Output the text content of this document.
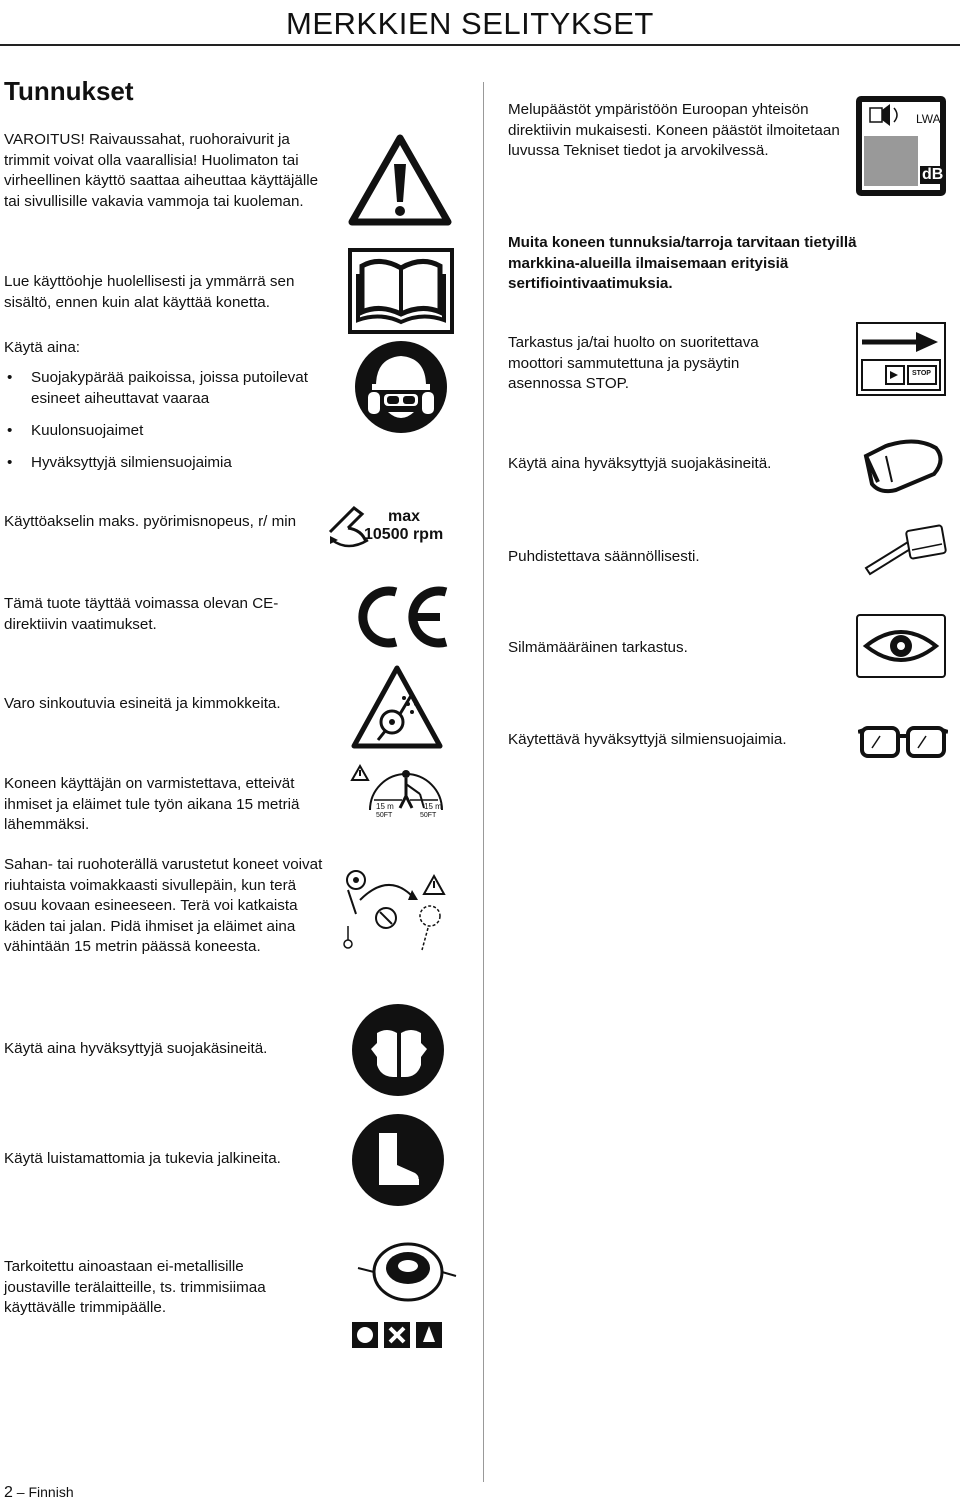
MERKKIEN SELITYKSET
Tunnukset
VAROITUS! Raivaussahat, ruohoraivurit ja trimmit voivat olla vaarallisia! Huolimaton tai virheellinen käyttö saattaa aiheuttaa käyttäjälle tai sivullisille vakavia vammoja tai kuoleman.
Lue käyttöohje huolellisesti ja ymmärrä sen sisältö, ennen kuin alat käyttää konetta.
Käytä aina:
• Suojakypärää paikoissa, joissa putoilevat esineet aiheuttavat vaaraa
• Kuulonsuojaimet
• Hyväksyttyjä silmiensuojaimia
Käyttöakselin maks. pyörimisnopeus, r/ min
Tämä tuote täyttää voimassa olevan CE-direktiivin vaatimukset.
Varo sinkoutuvia esineitä ja kimmokkeita.
Koneen käyttäjän on varmistettava, etteivät ihmiset ja eläimet tule työn aikana 15 metriä lähemmäksi.
Sahan- tai ruohoterällä varustetut koneet voivat riuhtaista voimakkaasti sivullepäin, kun terä osuu kovaan esineeseen. Terä voi katkaista käden tai jalan. Pidä ihmiset ja eläimet aina vähintään 15 metrin päässä koneesta.
Käytä aina hyväksyttyjä suojakäsineitä.
Käytä luistamattomia ja tukevia jalkineita.
Tarkoitettu ainoastaan ei-metallisille joustaville terälaitteille, ts. trimmisiimaa käyttävälle trimmipäälle.
Melupäästöt ympäristöön Euroopan yhteisön direktiivin mukaisesti. Koneen päästöt ilmoitetaan luvussa Tekniset tiedot ja arvokilvessä.
Muita koneen tunnuksia/tarroja tarvitaan tietyillä markkina-alueilla ilmaisemaan erityisiä sertifiointivaatimuksia.
Tarkastus ja/tai huolto on suoritettava moottori sammutettuna ja pysäytin asennossa STOP.
Käytä aina hyväksyttyjä suojakäsineitä.
Puhdistettava säännöllisesti.
Silmämääräinen tarkastus.
Käytettävä hyväksyttyjä silmiensuojaimia.
max
10500 rpm
15 m	15 m
50FT	50FT
LWA
dB
STOP
2 – Finnish
